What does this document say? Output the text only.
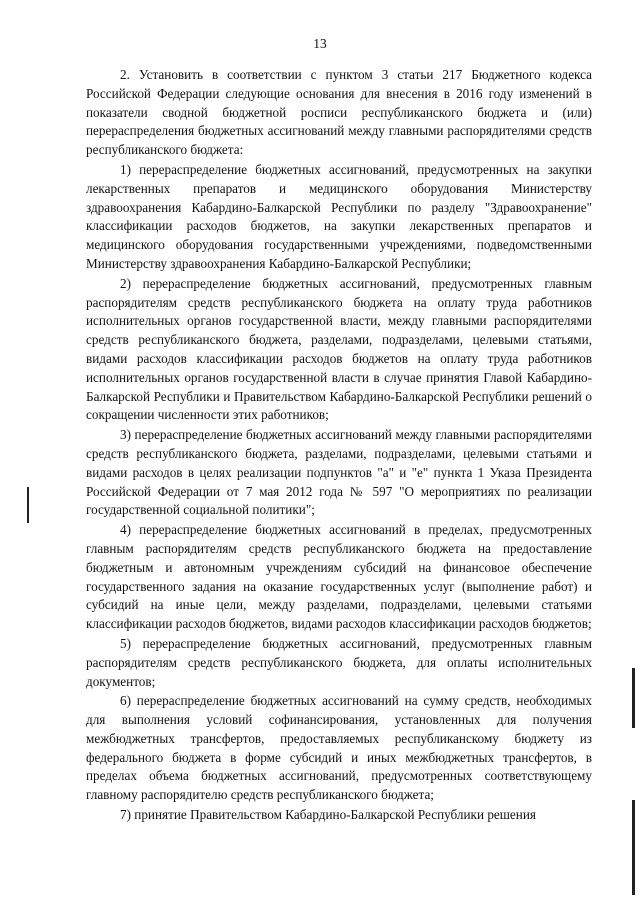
13

2. Установить в соответствии с пунктом 3 статьи 217 Бюджетного кодекса Российской Федерации следующие основания для внесения в 2016 году изменений в показатели сводной бюджетной росписи республиканского бюджета и (или) перераспределения бюджетных ассигнований между главными распорядителями средств республиканского бюджета:

1) перераспределение бюджетных ассигнований, предусмотренных на закупки лекарственных препаратов и медицинского оборудования Министерству здравоохранения Кабардино-Балкарской Республики по разделу "Здравоохранение" классификации расходов бюджетов, на закупки лекарственных препаратов и медицинского оборудования государственными учреждениями, подведомственными Министерству здравоохранения Кабардино-Балкарской Республики;

2) перераспределение бюджетных ассигнований, предусмотренных главным распорядителям средств республиканского бюджета на оплату труда работников исполнительных органов государственной власти, между главными распорядителями средств республиканского бюджета, разделами, подразделами, целевыми статьями, видами расходов классификации расходов бюджетов на оплату труда работников исполнительных органов государственной власти в случае принятия Главой Кабардино-Балкарской Республики и Правительством Кабардино-Балкарской Республики решений о сокращении численности этих работников;

3) перераспределение бюджетных ассигнований между главными распорядителями средств республиканского бюджета, разделами, подразделами, целевыми статьями и видами расходов в целях реализации подпунктов "а" и "е" пункта 1 Указа Президента Российской Федерации от 7 мая 2012 года № 597 "О мероприятиях по реализации государственной социальной политики";

4) перераспределение бюджетных ассигнований в пределах, предусмотренных главным распорядителям средств республиканского бюджета на предоставление бюджетным и автономным учреждениям субсидий на финансовое обеспечение государственного задания на оказание государственных услуг (выполнение работ) и субсидий на иные цели, между разделами, подразделами, целевыми статьями классификации расходов бюджетов, видами расходов классификации расходов бюджетов;

5) перераспределение бюджетных ассигнований, предусмотренных главным распорядителям средств республиканского бюджета, для оплаты исполнительных документов;

6) перераспределение бюджетных ассигнований на сумму средств, необходимых для выполнения условий софинансирования, установленных для получения межбюджетных трансфертов, предоставляемых республиканскому бюджету из федерального бюджета в форме субсидий и иных межбюджетных трансфертов, в пределах объема бюджетных ассигнований, предусмотренных соответствующему главному распорядителю средств республиканского бюджета;

7) принятие Правительством Кабардино-Балкарской Республики решения
